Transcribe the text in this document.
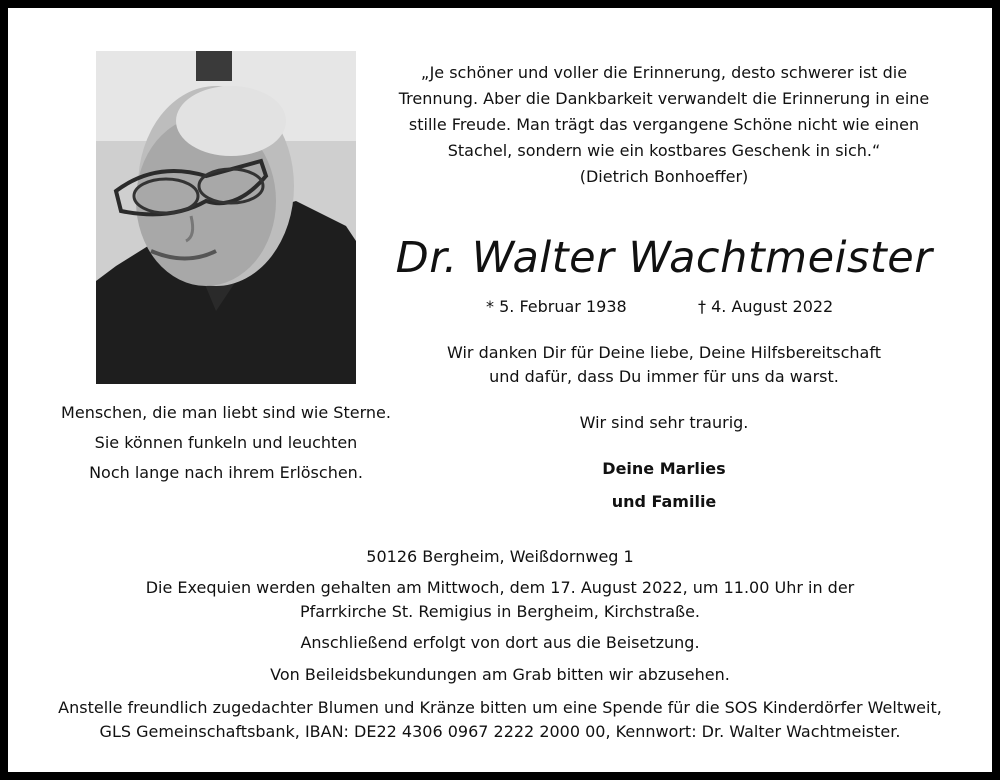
„Je schöner und voller die Erinnerung, desto schwerer ist die
Trennung. Aber die Dankbarkeit verwandelt die Erinnerung in eine
stille Freude. Man trägt das vergangene Schöne nicht wie einen
Stachel, sondern wie ein kostbares Geschenk in sich.“
(Dietrich Bonhoeffer)
Dr. Walter Wachtmeister
* 5. Februar 1938	† 4. August 2022
Wir danken Dir für Deine liebe, Deine Hilfsbereitschaft
und dafür, dass Du immer für uns da warst.
Wir sind sehr traurig.
Deine Marlies
und Familie
Menschen, die man liebt sind wie Sterne.
Sie können funkeln und leuchten
Noch lange nach ihrem Erlöschen.
50126 Bergheim, Weißdornweg 1
Die Exequien werden gehalten am Mittwoch, dem 17. August 2022, um 11.00 Uhr in der
Pfarrkirche St. Remigius in Bergheim, Kirchstraße.
Anschließend erfolgt von dort aus die Beisetzung.
Von Beileidsbekundungen am Grab bitten wir abzusehen.
Anstelle freundlich zugedachter Blumen und Kränze bitten um eine Spende für die SOS Kinderdörfer Weltweit,
GLS Gemeinschaftsbank, IBAN: DE22 4306 0967 2222 2000 00, Kennwort: Dr. Walter Wachtmeister.
